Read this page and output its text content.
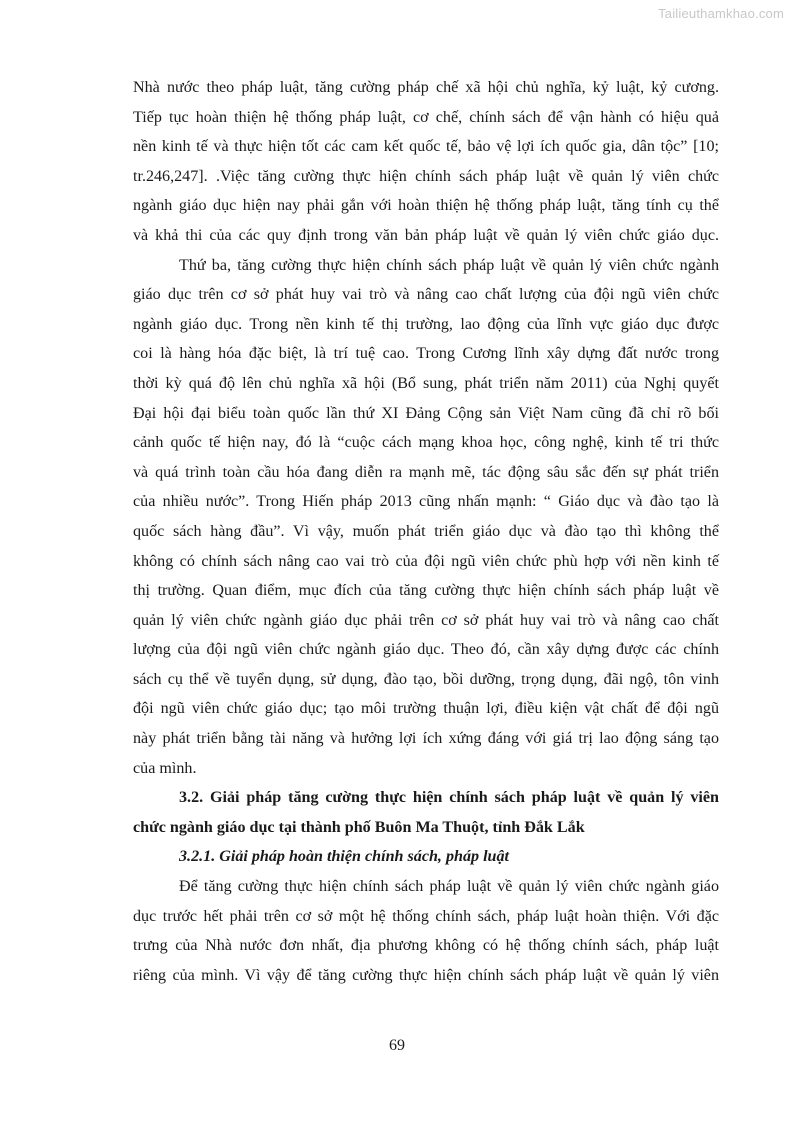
Tailieuthamkhao.com
Nhà nước theo pháp luật, tăng cường pháp chế xã hội chủ nghĩa, kỷ luật, kỷ cương.
Tiếp tục hoàn thiện hệ thống pháp luật, cơ chế, chính sách để vận hành có hiệu quả
nền kinh tế và thực hiện tốt các cam kết quốc tế, bảo vệ lợi ích quốc gia, dân tộc” [10;
tr.246,247]. .Việc tăng cường thực hiện chính sách pháp luật về quản lý viên chức
ngành giáo dục hiện nay phải gắn với hoàn thiện hệ thống pháp luật, tăng tính cụ thể
và khả thi của các quy định trong văn bản pháp luật về quản lý viên chức giáo dục.
Thứ ba, tăng cường thực hiện chính sách pháp luật về quản lý viên chức ngành
giáo dục trên cơ sở phát huy vai trò và nâng cao chất lượng của đội ngũ viên chức
ngành giáo dục. Trong nền kinh tế thị trường, lao động của lĩnh vực giáo dục được
coi là hàng hóa đặc biệt, là trí tuệ cao. Trong Cương lĩnh xây dựng đất nước trong
thời kỳ quá độ lên chủ nghĩa xã hội (Bổ sung, phát triển năm 2011) của Nghị quyết
Đại hội đại biểu toàn quốc lần thứ XI Đảng Cộng sản Việt Nam cũng đã chỉ rõ bối
cảnh quốc tế hiện nay, đó là “cuộc cách mạng khoa học, công nghệ, kinh tế tri thức
và quá trình toàn cầu hóa đang diễn ra mạnh mẽ, tác động sâu sắc đến sự phát triển
của nhiều nước”. Trong Hiến pháp 2013 cũng nhấn mạnh: “ Giáo dục và đào tạo là
quốc sách hàng đầu”. Vì vậy, muốn phát triển giáo dục và đào tạo thì không thể
không có chính sách nâng cao vai trò của đội ngũ viên chức phù hợp với nền kinh tế
thị trường. Quan điểm, mục đích của tăng cường thực hiện chính sách pháp luật về
quản lý viên chức ngành giáo dục phải trên cơ sở phát huy vai trò và nâng cao chất
lượng của đội ngũ viên chức ngành giáo dục. Theo đó, cần xây dựng được các chính
sách cụ thể về tuyển dụng, sử dụng, đào tạo, bồi dưỡng, trọng dụng, đãi ngộ, tôn vinh
đội ngũ viên chức giáo dục; tạo môi trường thuận lợi, điều kiện vật chất để đội ngũ
này phát triển bằng tài năng và hưởng lợi ích xứng đáng với giá trị lao động sáng tạo
của mình.
3.2. Giải pháp tăng cường thực hiện chính sách pháp luật về quản lý viên
chức ngành giáo dục tại thành phố Buôn Ma Thuột, tỉnh Đắk Lắk
3.2.1. Giải pháp hoàn thiện chính sách, pháp luật
Để tăng cường thực hiện chính sách pháp luật về quản lý viên chức ngành giáo
dục trước hết phải trên cơ sở một hệ thống chính sách, pháp luật hoàn thiện. Với đặc
trưng của Nhà nước đơn nhất, địa phương không có hệ thống chính sách, pháp luật
riêng của mình. Vì vậy để tăng cường thực hiện chính sách pháp luật về quản lý viên
69
